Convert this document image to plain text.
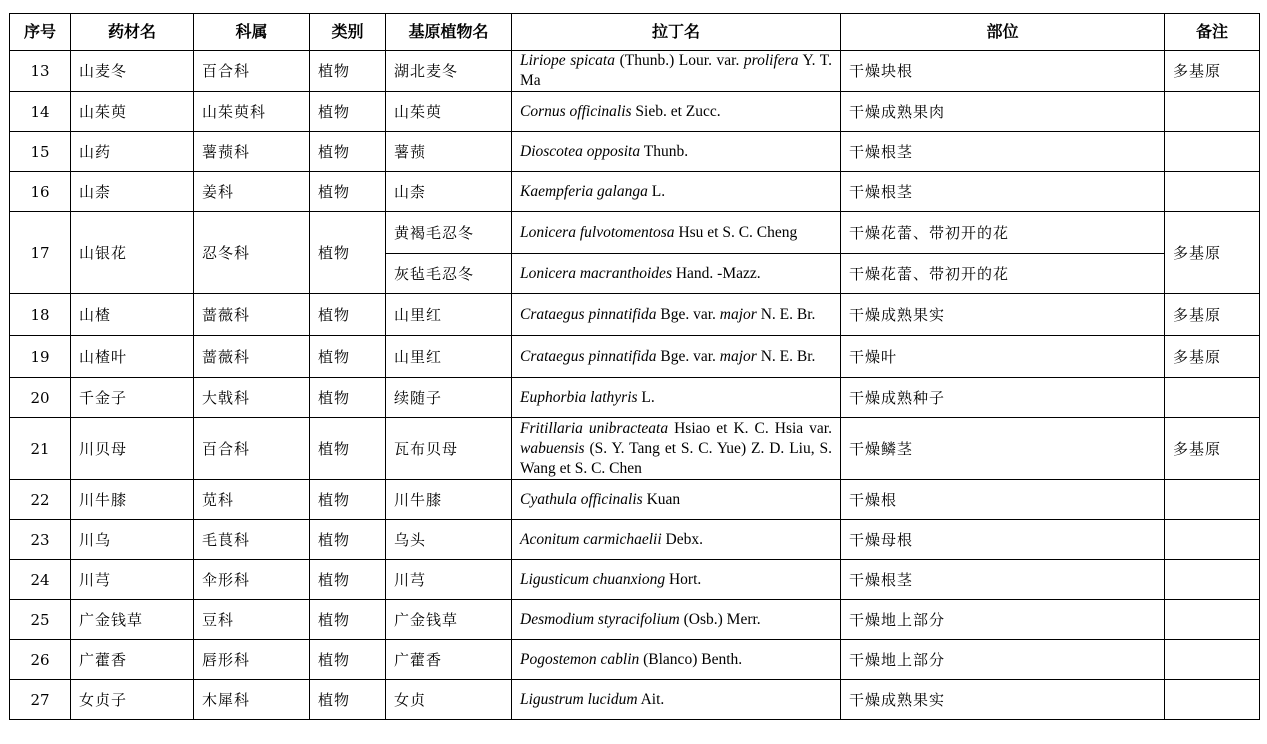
序号	药材名	科属	类别	基原植物名	拉丁名	部位	备注
13	山麦冬	百合科	植物	湖北麦冬	Liriope spicata (Thunb.) Lour. var. prolifera Y. T. Ma	干燥块根	多基原
14	山茱萸	山茱萸科	植物	山茱萸	Cornus officinalis Sieb. et Zucc.	干燥成熟果肉	
15	山药	薯蓣科	植物	薯蓣	Dioscotea opposita Thunb.	干燥根茎	
16	山柰	姜科	植物	山柰	Kaempferia galanga L.	干燥根茎	
17	山银花	忍冬科	植物	黄褐毛忍冬	Lonicera fulvotomentosa Hsu et S. C. Cheng	干燥花蕾、带初开的花	多基原
				灰毡毛忍冬	Lonicera macranthoides Hand. -Mazz.	干燥花蕾、带初开的花	
18	山楂	蔷薇科	植物	山里红	Crataegus pinnatifida Bge. var. major N. E. Br.	干燥成熟果实	多基原
19	山楂叶	蔷薇科	植物	山里红	Crataegus pinnatifida Bge. var. major N. E. Br.	干燥叶	多基原
20	千金子	大戟科	植物	续随子	Euphorbia lathyris L.	干燥成熟种子	
21	川贝母	百合科	植物	瓦布贝母	Fritillaria unibracteata Hsiao et K. C. Hsia var. wabuensis (S. Y. Tang et S. C. Yue) Z. D. Liu, S. Wang et S. C. Chen	干燥鳞茎	多基原
22	川牛膝	苋科	植物	川牛膝	Cyathula officinalis Kuan	干燥根	
23	川乌	毛茛科	植物	乌头	Aconitum carmichaelii Debx.	干燥母根	
24	川芎	伞形科	植物	川芎	Ligusticum chuanxiong Hort.	干燥根茎	
25	广金钱草	豆科	植物	广金钱草	Desmodium styracifolium (Osb.) Merr.	干燥地上部分	
26	广藿香	唇形科	植物	广藿香	Pogostemon cablin (Blanco) Benth.	干燥地上部分	
27	女贞子	木犀科	植物	女贞	Ligustrum lucidum Ait.	干燥成熟果实	
